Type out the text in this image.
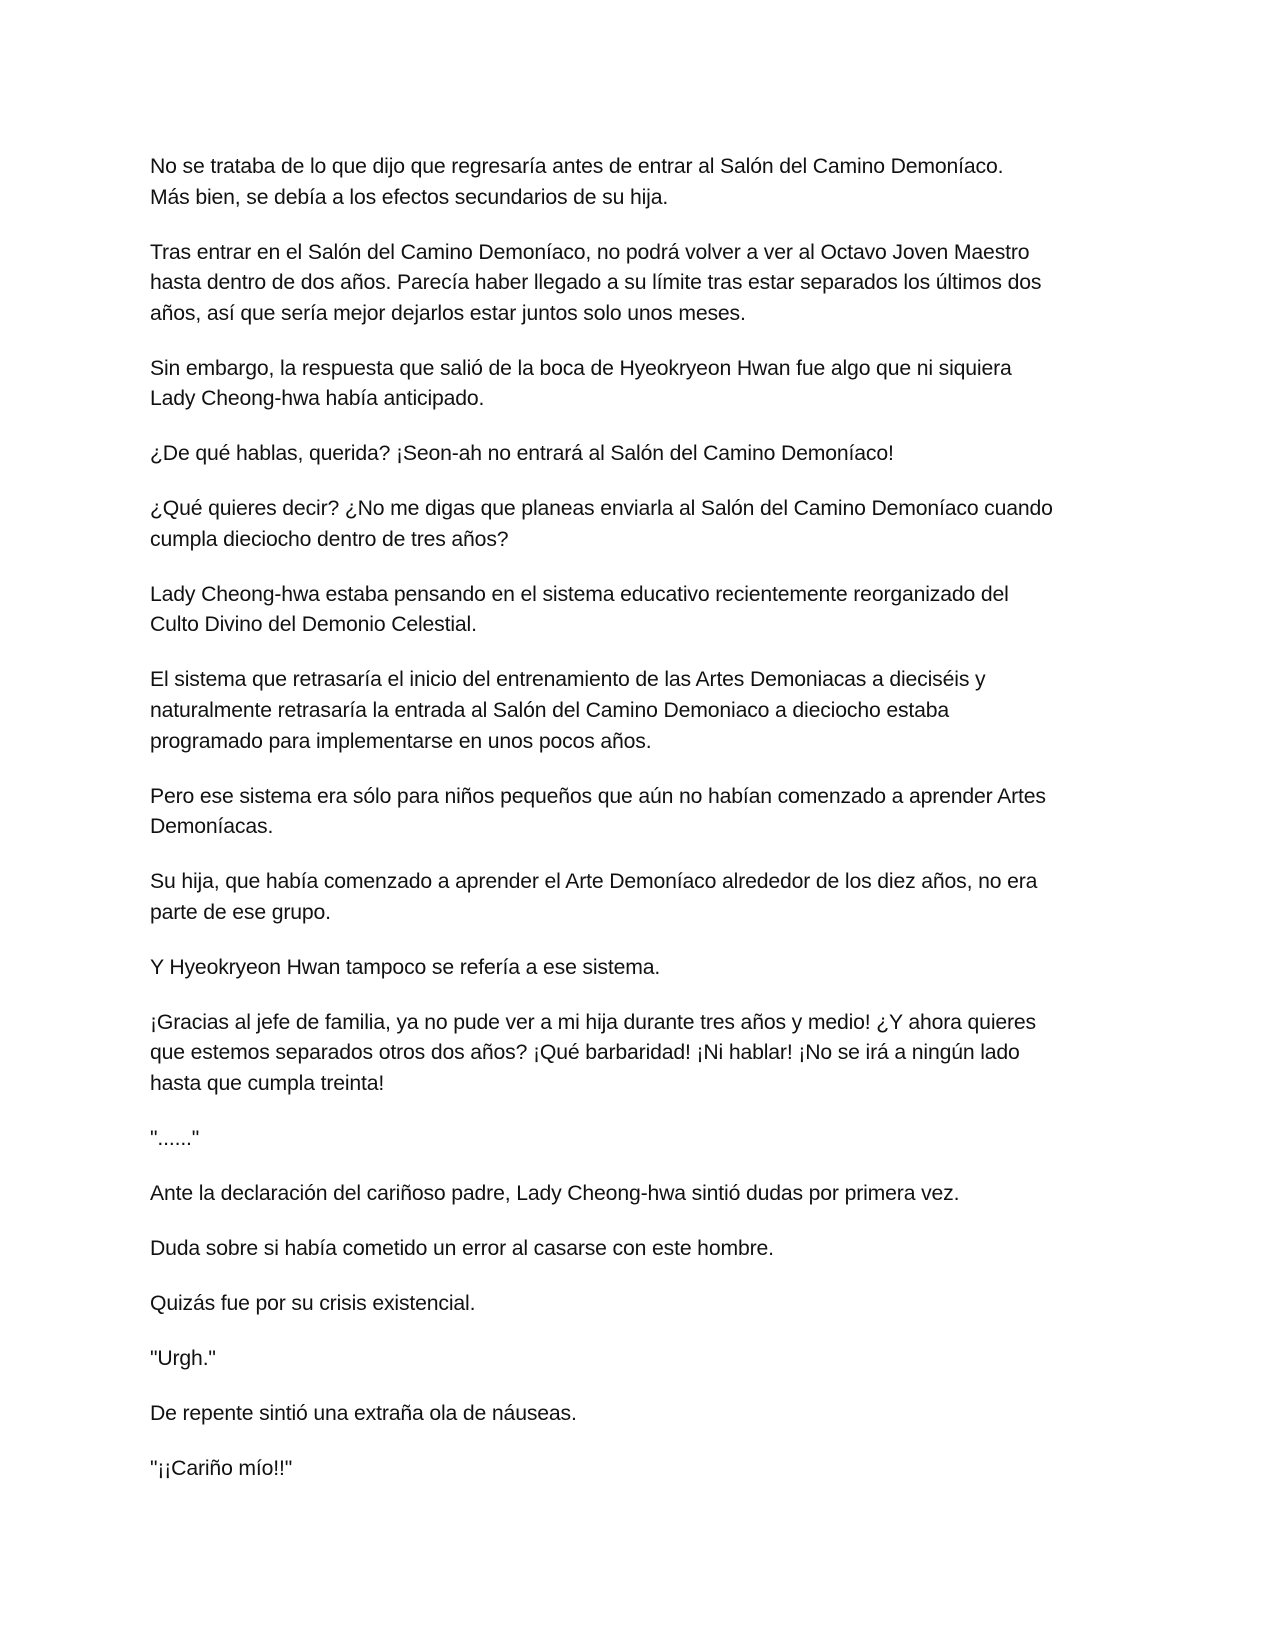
No se trataba de lo que dijo que regresaría antes de entrar al Salón del Camino Demoníaco.
Más bien, se debía a los efectos secundarios de su hija.

Tras entrar en el Salón del Camino Demoníaco, no podrá volver a ver al Octavo Joven Maestro
hasta dentro de dos años. Parecía haber llegado a su límite tras estar separados los últimos dos
años, así que sería mejor dejarlos estar juntos solo unos meses.

Sin embargo, la respuesta que salió de la boca de Hyeokryeon Hwan fue algo que ni siquiera
Lady Cheong-hwa había anticipado.

¿De qué hablas, querida? ¡Seon-ah no entrará al Salón del Camino Demoníaco!

¿Qué quieres decir? ¿No me digas que planeas enviarla al Salón del Camino Demoníaco cuando
cumpla dieciocho dentro de tres años?

Lady Cheong-hwa estaba pensando en el sistema educativo recientemente reorganizado del
Culto Divino del Demonio Celestial.

El sistema que retrasaría el inicio del entrenamiento de las Artes Demoniacas a dieciséis y
naturalmente retrasaría la entrada al Salón del Camino Demoniaco a dieciocho estaba
programado para implementarse en unos pocos años.

Pero ese sistema era sólo para niños pequeños que aún no habían comenzado a aprender Artes
Demoníacas.

Su hija, que había comenzado a aprender el Arte Demoníaco alrededor de los diez años, no era
parte de ese grupo.

Y Hyeokryeon Hwan tampoco se refería a ese sistema.

¡Gracias al jefe de familia, ya no pude ver a mi hija durante tres años y medio! ¿Y ahora quieres
que estemos separados otros dos años? ¡Qué barbaridad! ¡Ni hablar! ¡No se irá a ningún lado
hasta que cumpla treinta!

"......"

Ante la declaración del cariñoso padre, Lady Cheong-hwa sintió dudas por primera vez.

Duda sobre si había cometido un error al casarse con este hombre.

Quizás fue por su crisis existencial.

"Urgh."

De repente sintió una extraña ola de náuseas.

"¡¡Cariño mío!!"
